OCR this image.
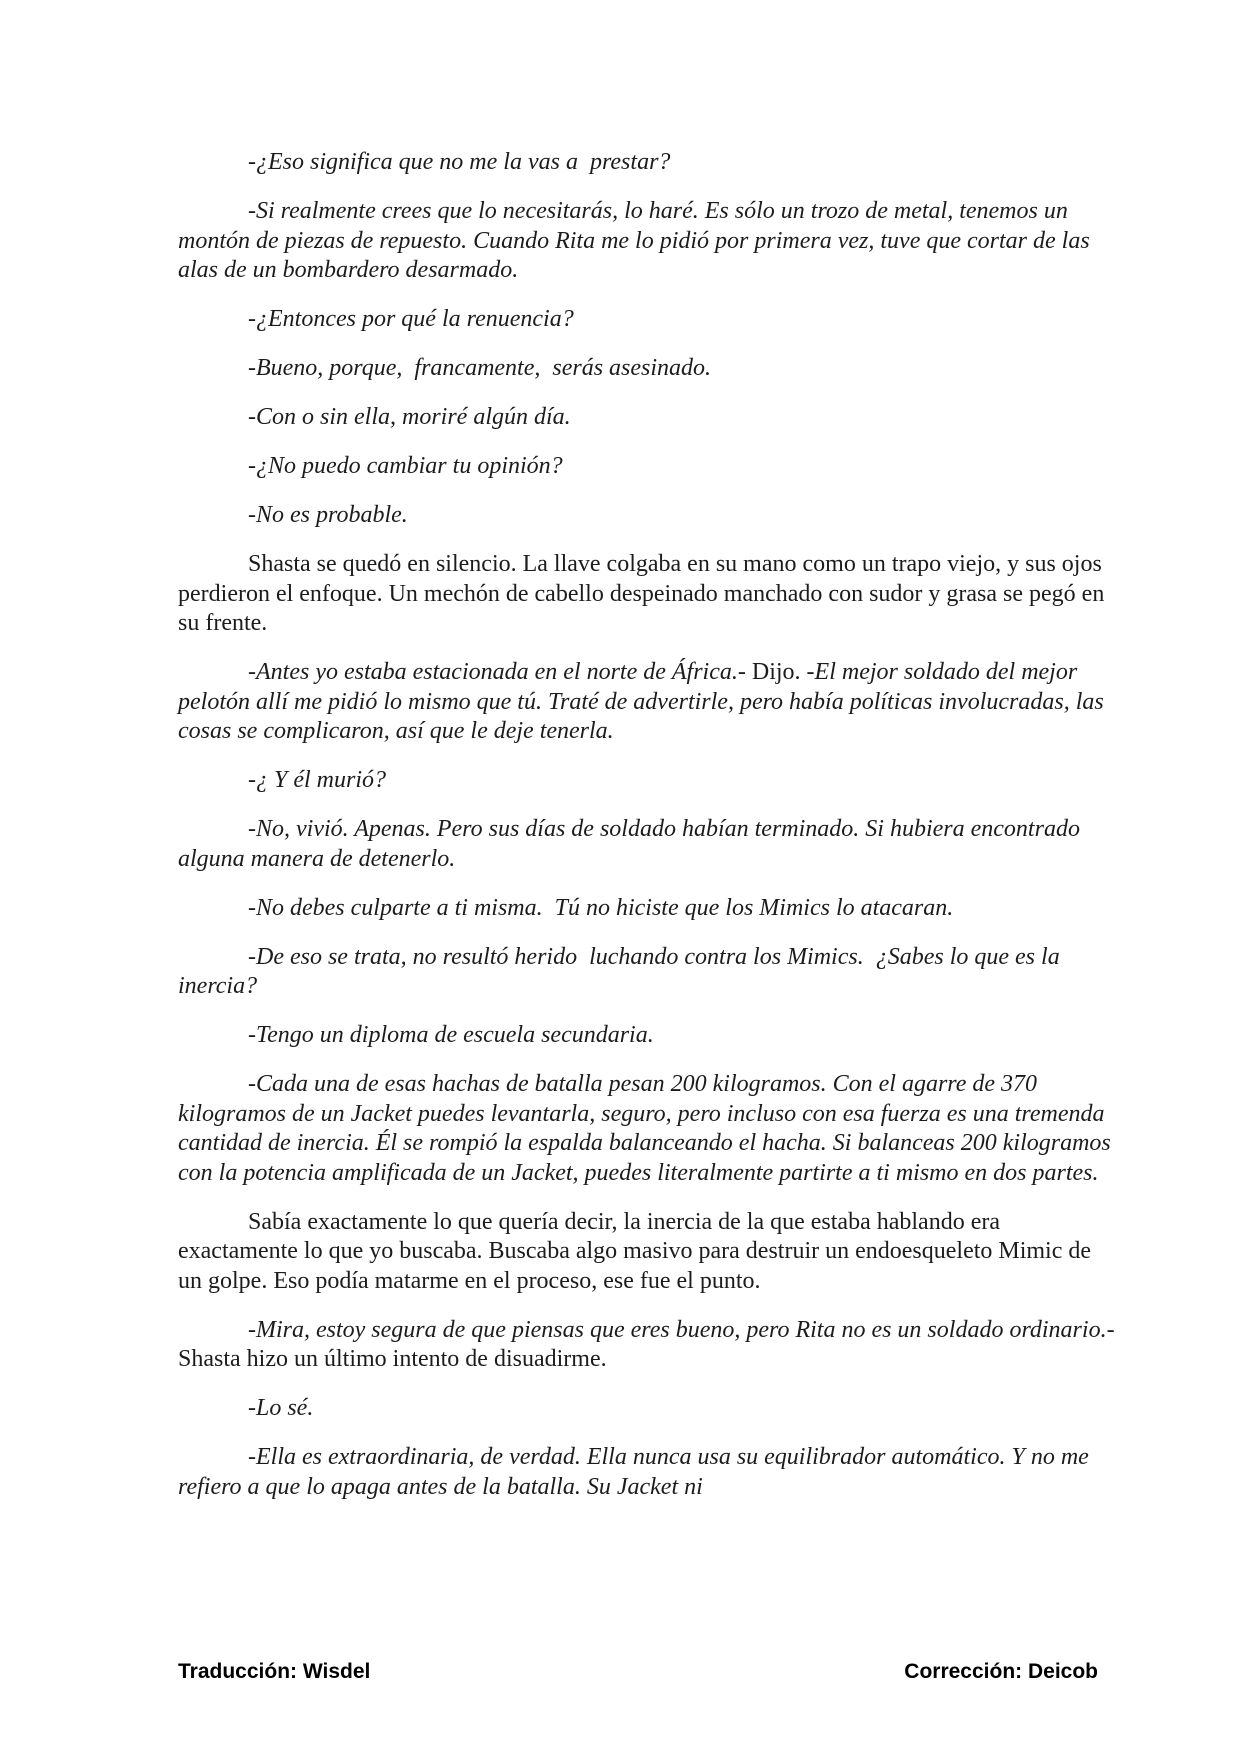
-¿Eso significa que no me la vas a  prestar?

-Si realmente crees que lo necesitarás, lo haré. Es sólo un trozo de metal, tenemos un montón de piezas de repuesto. Cuando Rita me lo pidió por primera vez, tuve que cortar de las alas de un bombardero desarmado.

-¿Entonces por qué la renuencia?

-Bueno, porque,  francamente,  serás asesinado.

-Con o sin ella, moriré algún día.

-¿No puedo cambiar tu opinión?

-No es probable.

Shasta se quedó en silencio. La llave colgaba en su mano como un trapo viejo, y sus ojos perdieron el enfoque. Un mechón de cabello despeinado manchado con sudor y grasa se pegó en su frente.

-Antes yo estaba estacionada en el norte de África.- Dijo. -El mejor soldado del mejor pelotón allí me pidió lo mismo que tú. Traté de advertirle, pero había políticas involucradas, las cosas se complicaron, así que le deje tenerla.

-¿ Y él murió?

-No, vivió. Apenas. Pero sus días de soldado habían terminado. Si hubiera encontrado alguna manera de detenerlo.

-No debes culparte a ti misma.  Tú no hiciste que los Mimics lo atacaran.

-De eso se trata, no resultó herido  luchando contra los Mimics.  ¿Sabes lo que es la inercia?

-Tengo un diploma de escuela secundaria.

-Cada una de esas hachas de batalla pesan 200 kilogramos. Con el agarre de 370 kilogramos de un Jacket puedes levantarla, seguro, pero incluso con esa fuerza es una tremenda cantidad de inercia. Él se rompió la espalda balanceando el hacha. Si balanceas 200 kilogramos con la potencia amplificada de un Jacket, puedes literalmente partirte a ti mismo en dos partes.

Sabía exactamente lo que quería decir, la inercia de la que estaba hablando era exactamente lo que yo buscaba. Buscaba algo masivo para destruir un endoesqueleto Mimic de un golpe. Eso podía matarme en el proceso, ese fue el punto.

-Mira, estoy segura de que piensas que eres bueno, pero Rita no es un soldado ordinario.- Shasta hizo un último intento de disuadirme.

-Lo sé.

-Ella es extraordinaria, de verdad. Ella nunca usa su equilibrador automático. Y no me refiero a que lo apaga antes de la batalla. Su Jacket ni

Traducción: Wisdel	Corrección: Deicob
